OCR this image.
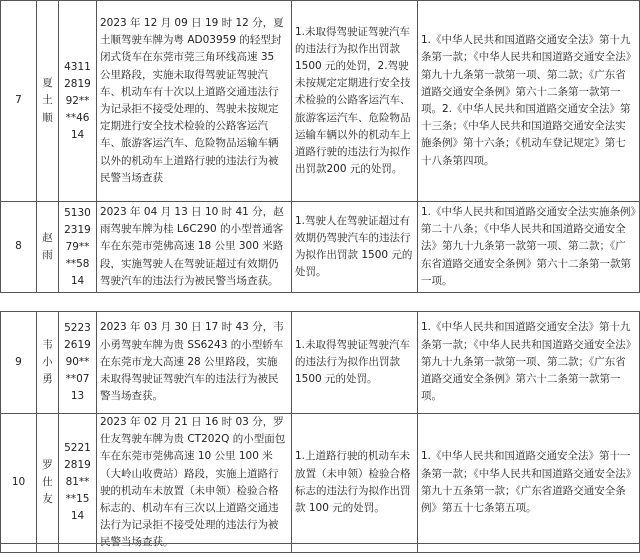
7	夏土顺	4311
2819
92**
**46
14	2023 年 12 月 09 日 19 时 12 分，夏土顺驾驶车牌为粤 AD03959 的轻型封闭式货车在东莞市莞三角环线高速 35 公里路段，实施未取得驾驶证驾驶汽车、机动车有十次以上道路交通违法行为记录拒不接受处理的、驾驶未按规定定期进行安全技术检验的公路客运汽车、旅游客运汽车、危险物品运输车辆以外的机动车上道路行驶的违法行为被民警当场查获	1.未取得驾驶证驾驶汽车的违法行为拟作出罚款 1500 元的处罚，2.驾驶未按规定定期进行安全技术检验的公路客运汽车、旅游客运汽车、危险物品运输车辆以外的机动车上道路行驶的违法行为拟作出罚款200 元的处罚。	1.《中华人民共和国道路交通安全法》第十九条第一款；《中华人民共和国道路交通安全法》第九十九条第一款第一项、第二款；《广东省道路交通安全条例》第六十二条第一款第一项。2.《中华人民共和国道路交通安全法》第十三条；《中华人民共和国道路交通安全法实施条例》第十六条；《机动车登记规定》第七十八条第四项。
8	赵雨	5130
2319
79**
**58
14	2023 年 04 月 13 日 10 时 41 分，赵雨驾驶车牌为桂 L6C290 的小型普通客车在东莞市莞佛高速 18 公里 300 米路段，实施驾驶人在驾驶证超过有效期仍驾驶汽车的违法行为被民警当场查获。	1.驾驶人在驾驶证超过有效期仍驾驶汽车的违法行为拟作出罚款 1500 元的处罚。	1.《中华人民共和国道路交通安全法实施条例》第二十八条；《中华人民共和国道路交通安全法》第九十九条第一款第一项、第二款；《广东省道路交通安全条例》第六十二条第一款第一项。
9	韦小勇	5223
2619
90**
**07
13	2023 年 03 月 30 日 17 时 43 分，韦小勇驾驶车牌为贵 SS6243 的小型轿车在东莞市龙大高速 28 公里路段，实施未取得驾驶证驾驶汽车的违法行为被民警当场查获。	1.未取得驾驶证驾驶汽车的违法行为拟作出罚款 1500 元的处罚。	1.《中华人民共和国道路交通安全法》第十九条第一款；《中华人民共和国道路交通安全法》第九十九条第一款第一项、第二款；《广东省道路交通安全条例》第六十二条第一款第一项。
10	罗仕友	5221
2819
81**
**15
14	2023 年 02 月 21 日 16 时 03 分，罗仕友驾驶车牌为贵 CT202Q 的小型面包车在东莞市莞佛高速 10 公里 100 米（大岭山收费站）路段，实施上道路行驶的机动车未放置（未申领）检验合格标志的、机动车有三次以上道路交通违法行为记录拒不接受处理的违法行为被民警当场查获。	1.上道路行驶的机动车未放置（未申领）检验合格标志的违法行为拟作出罚款 100 元的处罚。	1.《中华人民共和国道路交通安全法》第十一条第一款；《中华人民共和国道路交通安全法》第九十五条第一款；《广东省道路交通安全条例》第五十七条第五项。
